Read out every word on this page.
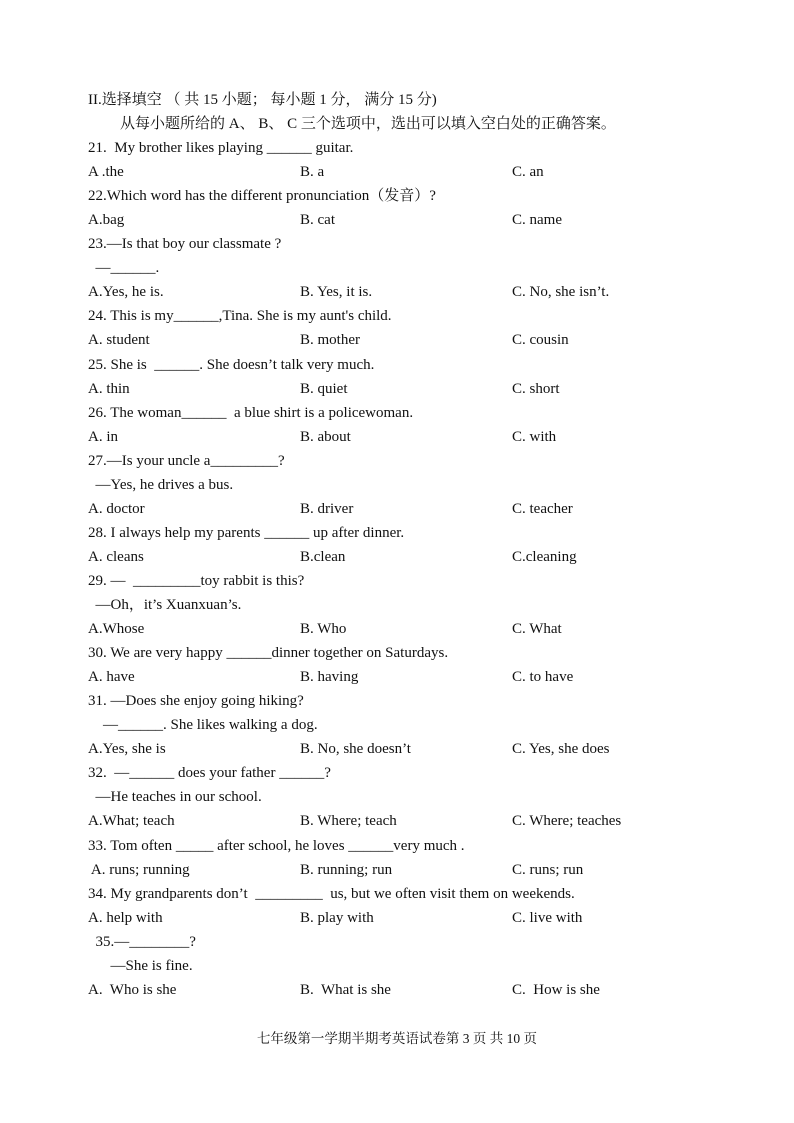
II.选择填空 （ 共 15 小题； 每小题 1 分， 满分 15 分)
从每小题所给的 A、 B、 C 三个选项中，选出可以填入空白处的正确答案。
21.  My brother likes playing ______ guitar.
A .the	B. a	C. an
22.Which word has the different pronunciation（发音）?
A.bag	B. cat	C. name
23.—Is that boy our classmate ?
—______.
A.Yes, he is.	B. Yes, it is.	C. No, she isn’t.
24. This is my______,Tina. She is my aunt's child.
A. student	B. mother	C. cousin
25. She is  ______. She doesn’t talk very much.
A. thin	B. quiet	C. short
26. The woman______  a blue shirt is a policewoman.
A. in	B. about	C. with
27.—Is your uncle a_________?
—Yes, he drives a bus.
A. doctor	B. driver	C. teacher
28. I always help my parents ______ up after dinner.
A. cleans	B.clean	C.cleaning
29. —  _________toy rabbit is this?
—Oh，it’s Xuanxuan’s.
A.Whose	B. Who	C. What
30. We are very happy ______dinner together on Saturdays.
A. have	B. having	C. to have
31. —Does she enjoy going hiking?
—______. She likes walking a dog.
A.Yes, she is	B. No, she doesn’t	C. Yes, she does
32.  —______ does your father ______?
—He teaches in our school.
A.What; teach	B. Where; teach	C. Where; teaches
33. Tom often _____ after school, he loves ______very much .
A. runs; running	B. running; run	C. runs; run
34. My grandparents don’t  _________  us, but we often visit them on weekends.
A. help with	B. play with	C. live with
35.—________?
—She is fine.
A.  Who is she	B.  What is she	C.  How is she
七年级第一学期半期考英语试卷第 3 页 共 10 页
